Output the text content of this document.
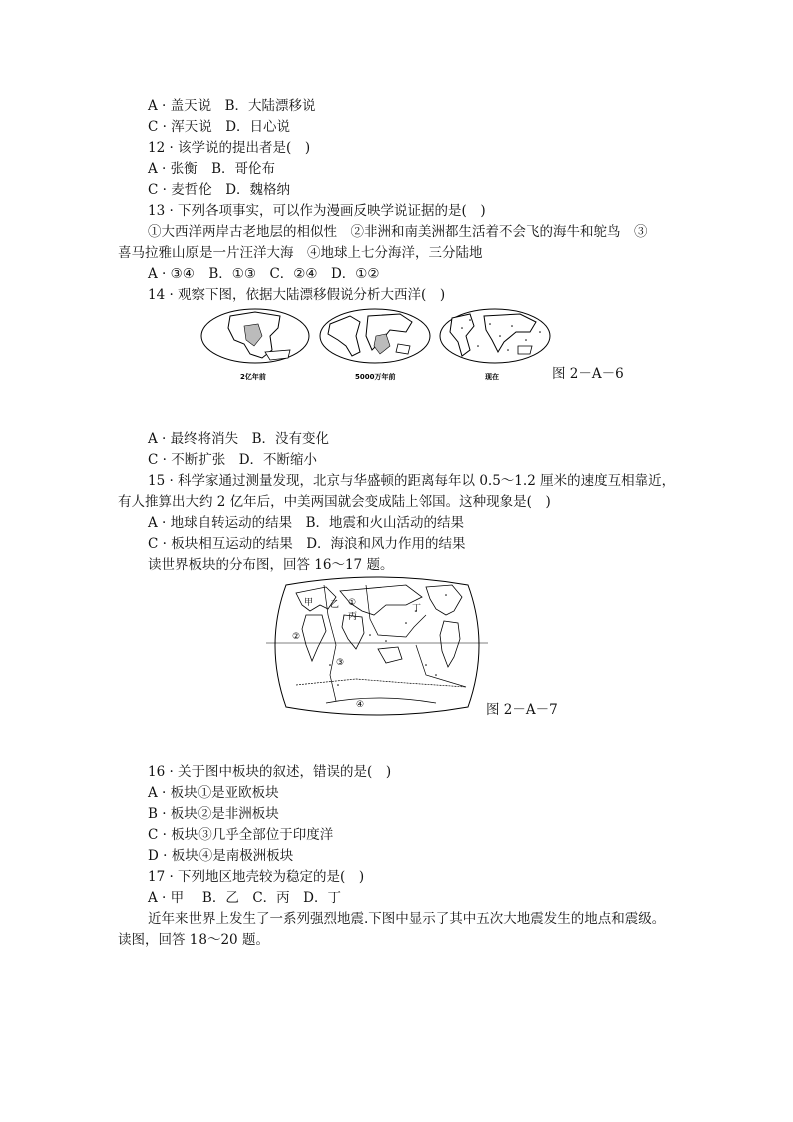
A · 盖天说　B．大陆漂移说
C · 浑天说　D．日心说
12 · 该学说的提出者是(　)
A · 张衡　B．哥伦布
C · 麦哲伦　D．魏格纳
13 · 下列各项事实，可以作为漫画反映学说证据的是(　)
①大西洋两岸古老地层的相似性　②非洲和南美洲都生活着不会飞的海牛和鸵鸟　③
喜马拉雅山原是一片汪洋大海　④地球上七分海洋，三分陆地
A · ③④　B．①③　C．②④　D．①②
14 · 观察下图，依据大陆漂移假说分析大西洋(　)
2亿年前	5000万年前	现在	图 2－A－6
A · 最终将消失　B．没有变化
C · 不断扩张　D．不断缩小
15 · 科学家通过测量发现，北京与华盛顿的距离每年以 0.5～1.2 厘米的速度互相靠近，
有人推算出大约 2 亿年后，中美两国就会变成陆上邻国。这种现象是(　)
A · 地球自转运动的结果　B．地震和火山活动的结果
C · 板块相互运动的结果　D．海浪和风力作用的结果
读世界板块的分布图，回答 16～17 题。
甲 乙
丙
丁
①
②
③
④	图 2－A－7
16 · 关于图中板块的叙述，错误的是(　)
A · 板块①是亚欧板块
B · 板块②是非洲板块
C · 板块③几乎全部位于印度洋
D · 板块④是南极洲板块
17 · 下列地区地壳较为稳定的是(　)
A · 甲　 B．乙　C．丙　D．丁
近年来世界上发生了一系列强烈地震.下图中显示了其中五次大地震发生的地点和震级。
读图，回答 18～20 题。
